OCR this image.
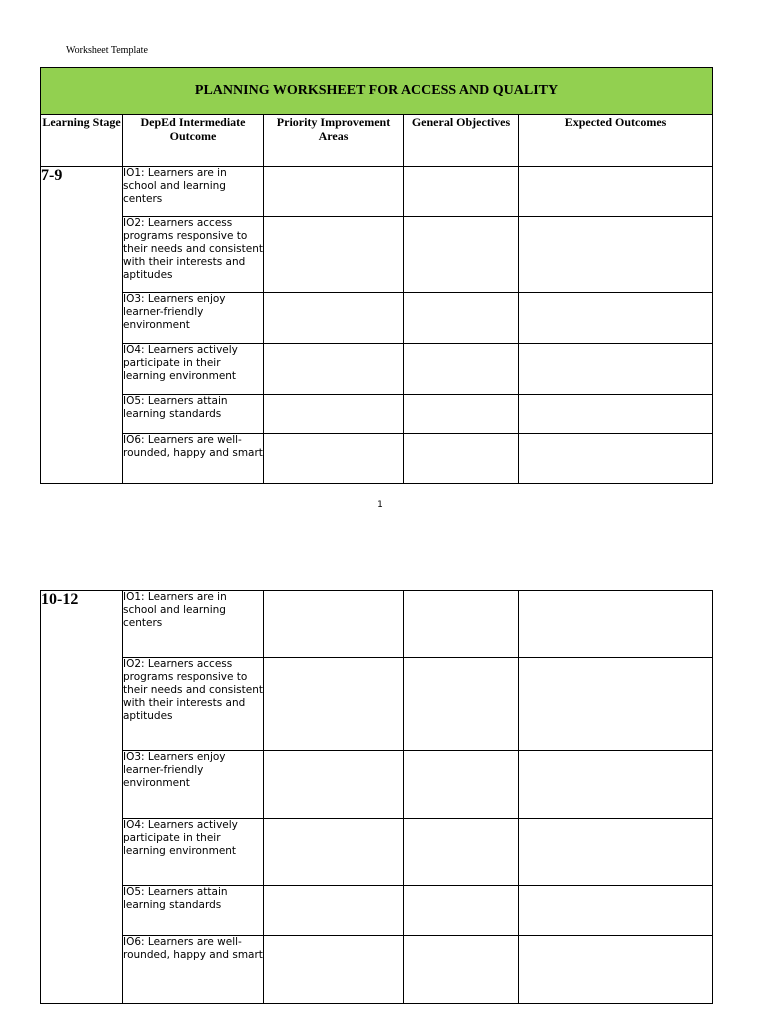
Worksheet Template
PLANNING WORKSHEET FOR ACCESS AND QUALITY				
Learning Stage	DepEd Intermediate Outcome	Priority Improvement Areas	General Objectives	Expected Outcomes
7-9	IO1: Learners are in school and learning centers			

	IO2: Learners access programs responsive to their needs and consistent with their interests and aptitudes			

	IO3: Learners enjoy learner-friendly environment			

	IO4: Learners actively participate in their learning environment			

	IO5: Learners attain learning standards			

	IO6: Learners are well-rounded, happy and smart			

1
10-12	IO1: Learners are in school and learning centers			

	IO2: Learners access programs responsive to their needs and consistent with their interests and aptitudes			

	IO3: Learners enjoy learner-friendly environment			

	IO4: Learners actively participate in their learning environment			

	IO5: Learners attain learning standards			

	IO6: Learners are well-rounded, happy and smart			
